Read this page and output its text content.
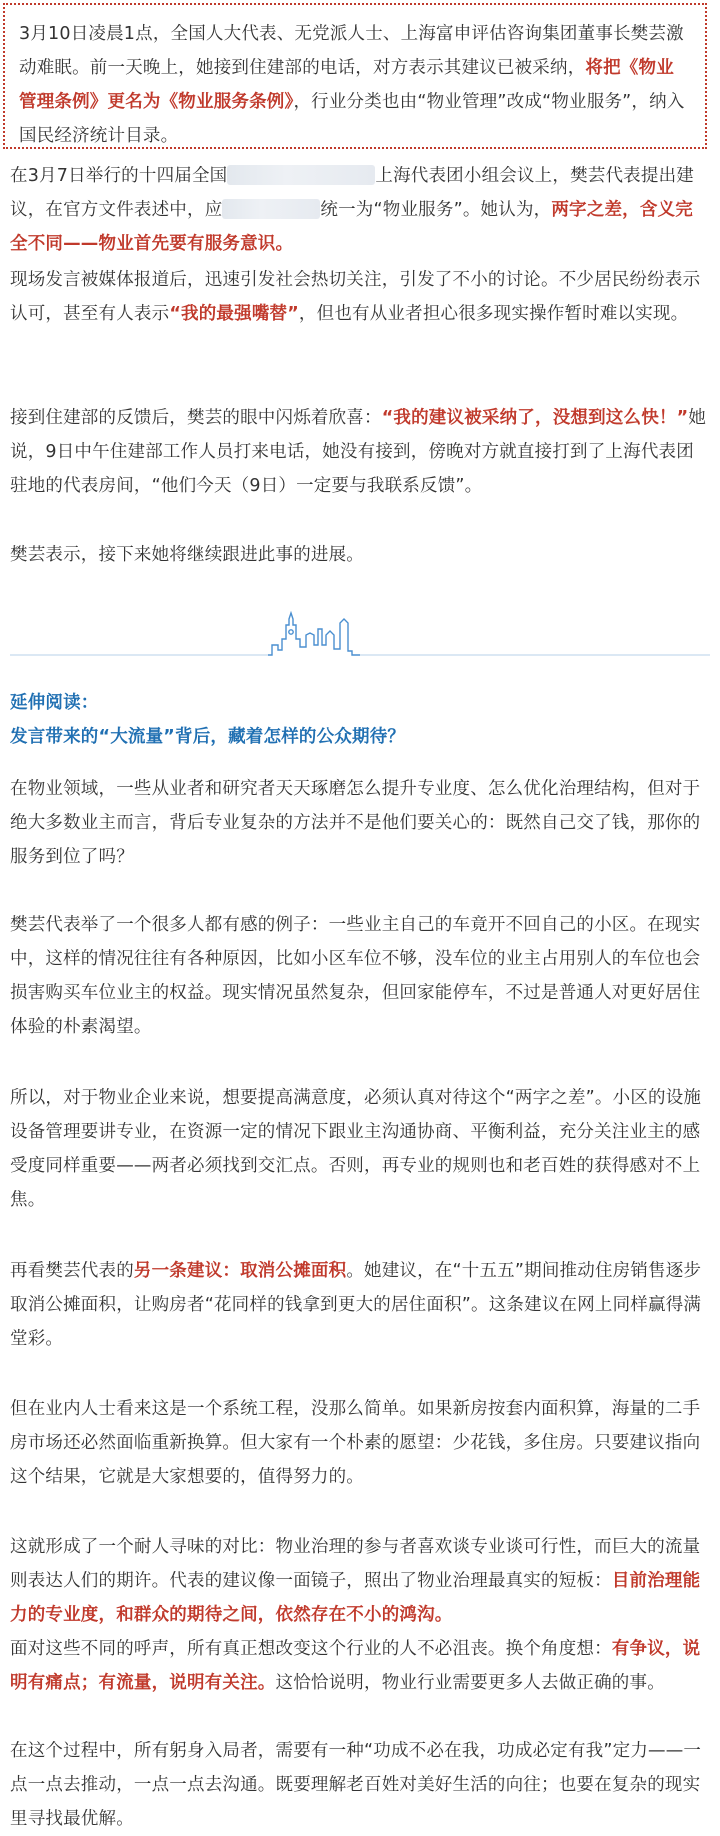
3月10日凌晨1点，全国人大代表、无党派人士、上海富申评估咨询集团董事长樊芸激动难眠。前一天晚上，她接到住建部的电话，对方表示其建议已被采纳，将把《物业管理条例》更名为《物业服务条例》，行业分类也由“物业管理”改成“物业服务”，纳入国民经济统计目录。

在3月7日举行的十四届全国	上海代表团小组会议上，樊芸代表提出建议，在官方文件表述中，应	统一为“物业服务”。她认为，两字之差，含义完全不同——物业首先要有服务意识。

现场发言被媒体报道后，迅速引发社会热切关注，引发了不小的讨论。不少居民纷纷表示认可，甚至有人表示“我的最强嘴替”，但也有从业者担心很多现实操作暂时难以实现。

接到住建部的反馈后，樊芸的眼中闪烁着欣喜：“我的建议被采纳了，没想到这么快！”她说，9日中午住建部工作人员打来电话，她没有接到，傍晚对方就直接打到了上海代表团驻地的代表房间，“他们今天（9日）一定要与我联系反馈”。

樊芸表示，接下来她将继续跟进此事的进展。

延伸阅读：

发言带来的“大流量”背后，藏着怎样的公众期待？

在物业领域，一些从业者和研究者天天琢磨怎么提升专业度、怎么优化治理结构，但对于绝大多数业主而言，背后专业复杂的方法并不是他们要关心的：既然自己交了钱，那你的服务到位了吗？

樊芸代表举了一个很多人都有感的例子：一些业主自己的车竟开不回自己的小区。在现实中，这样的情况往往有各种原因，比如小区车位不够，没车位的业主占用别人的车位也会损害购买车位业主的权益。现实情况虽然复杂，但回家能停车，不过是普通人对更好居住体验的朴素渴望。

所以，对于物业企业来说，想要提高满意度，必须认真对待这个“两字之差”。小区的设施设备管理要讲专业，在资源一定的情况下跟业主沟通协商、平衡利益，充分关注业主的感受度同样重要——两者必须找到交汇点。否则，再专业的规则也和老百姓的获得感对不上焦。

再看樊芸代表的另一条建议：取消公摊面积。她建议，在“十五五”期间推动住房销售逐步取消公摊面积，让购房者“花同样的钱拿到更大的居住面积”。这条建议在网上同样赢得满堂彩。

但在业内人士看来这是一个系统工程，没那么简单。如果新房按套内面积算，海量的二手房市场还必然面临重新换算。但大家有一个朴素的愿望：少花钱，多住房。只要建议指向这个结果，它就是大家想要的，值得努力的。

这就形成了一个耐人寻味的对比：物业治理的参与者喜欢谈专业谈可行性，而巨大的流量则表达人们的期许。代表的建议像一面镜子，照出了物业治理最真实的短板：目前治理能力的专业度，和群众的期待之间，依然存在不小的鸿沟。

面对这些不同的呼声，所有真正想改变这个行业的人不必沮丧。换个角度想：有争议，说明有痛点；有流量，说明有关注。这恰恰说明，物业行业需要更多人去做正确的事。

在这个过程中，所有躬身入局者，需要有一种“功成不必在我，功成必定有我”定力——一点一点去推动，一点一点去沟通。既要理解老百姓对美好生活的向往；也要在复杂的现实里寻找最优解。
